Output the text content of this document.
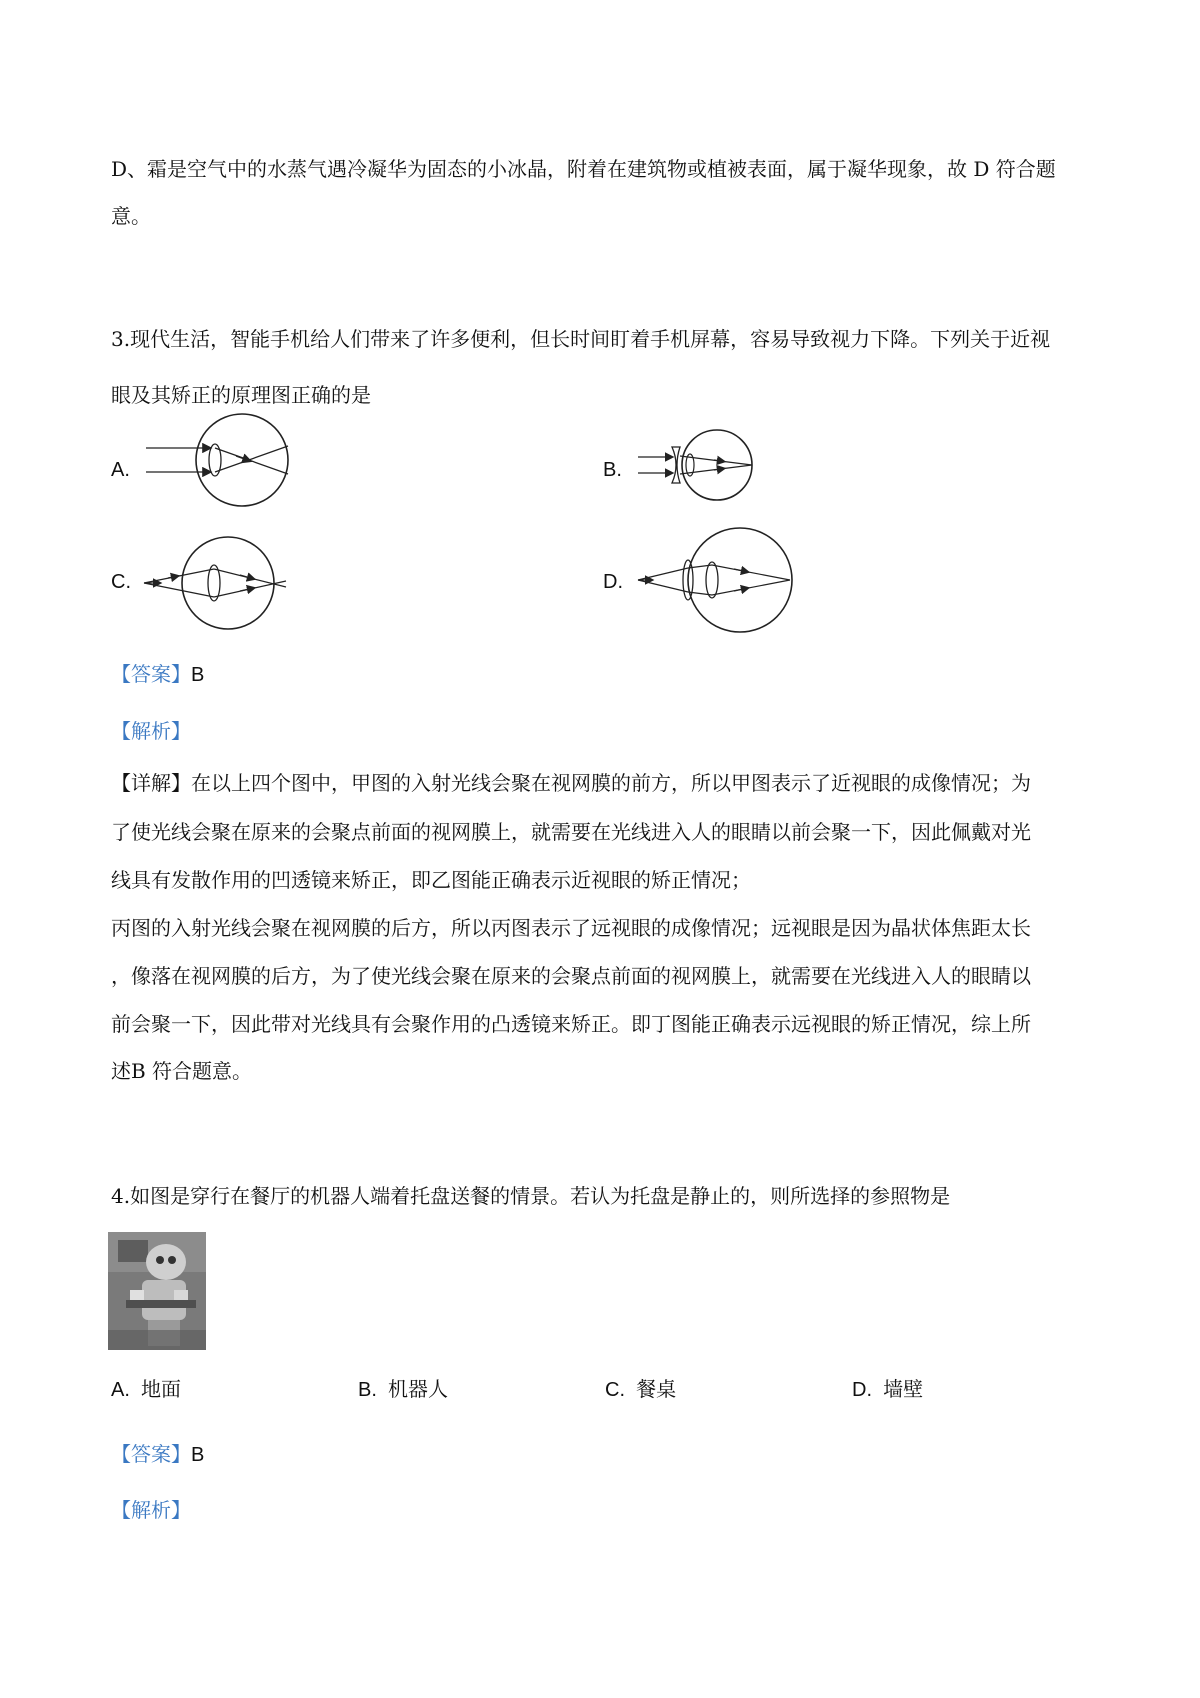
D、霜是空气中的水蒸气遇冷凝华为固态的小冰晶，附着在建筑物或植被表面，属于凝华现象，故 D 符合题
意。
3.现代生活，智能手机给人们带来了许多便利，但长时间盯着手机屏幕，容易导致视力下降。下列关于近视
眼及其矫正的原理图正确的是
A.	B.
C.	D.
【答案】B
【解析】
【详解】在以上四个图中，甲图的入射光线会聚在视网膜的前方，所以甲图表示了近视眼的成像情况；为
了使光线会聚在原来的会聚点前面的视网膜上，就需要在光线进入人的眼睛以前会聚一下，因此佩戴对光
线具有发散作用的凹透镜来矫正，即乙图能正确表示近视眼的矫正情况；
丙图的入射光线会聚在视网膜的后方，所以丙图表示了远视眼的成像情况；远视眼是因为晶状体焦距太长
，像落在视网膜的后方，为了使光线会聚在原来的会聚点前面的视网膜上，就需要在光线进入人的眼睛以
前会聚一下，因此带对光线具有会聚作用的凸透镜来矫正。即丁图能正确表示远视眼的矫正情况，综上所
述B 符合题意。
4.如图是穿行在餐厅的机器人端着托盘送餐的情景。若认为托盘是静止的，则所选择的参照物是
A. 地面	B. 机器人	C. 餐桌	D. 墙壁
【答案】B
【解析】
